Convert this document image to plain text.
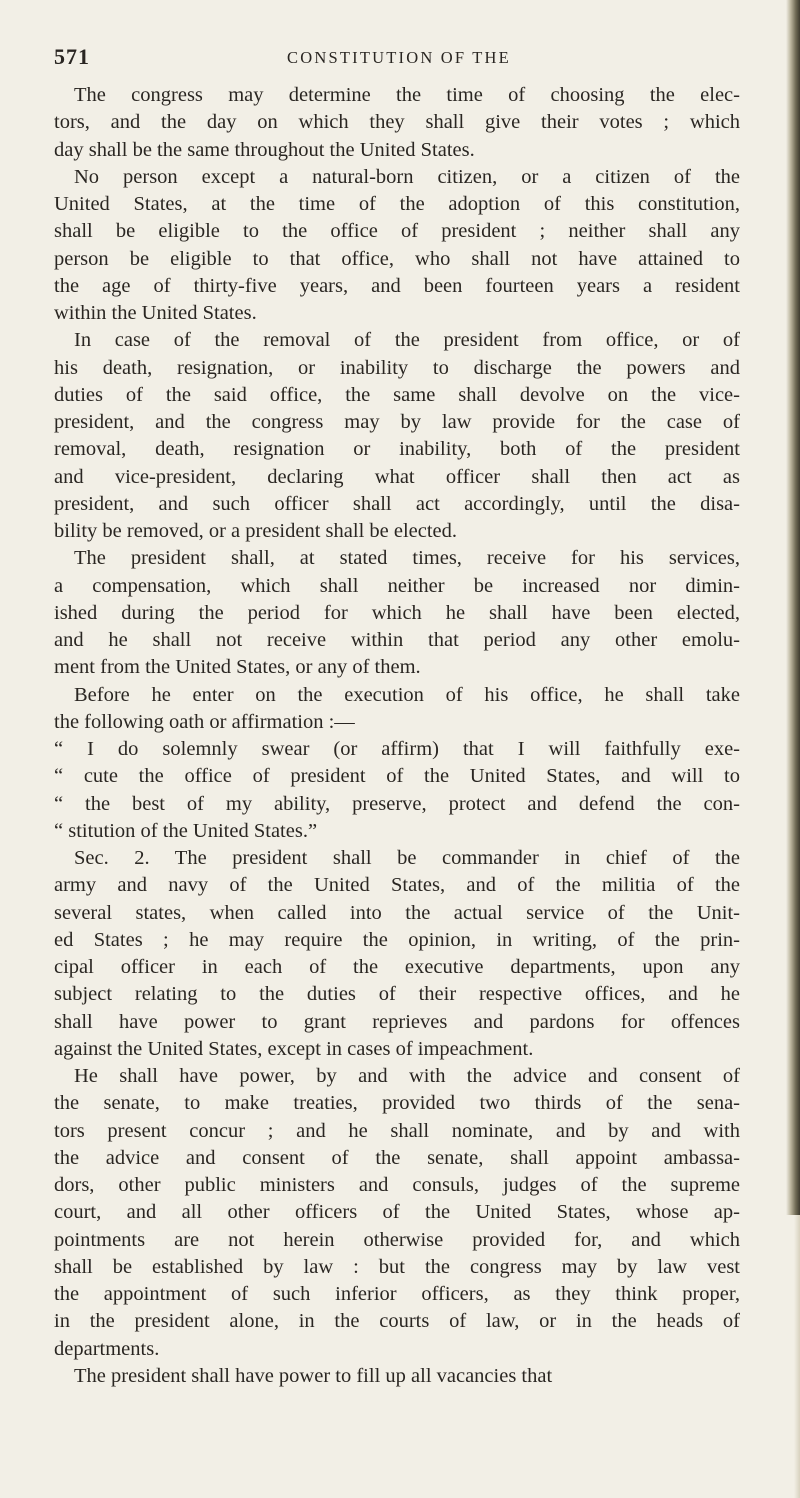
571	CONSTITUTION OF THE
The congress may determine the time of choosing the elec-
tors, and the day on which they shall give their votes ; which
day shall be the same throughout the United States.
No person except a natural-born citizen, or a citizen of the
United States, at the time of the adoption of this constitution,
shall be eligible to the office of president ; neither shall any
person be eligible to that office, who shall not have attained to
the age of thirty-five years, and been fourteen years a resident
within the United States.
In case of the removal of the president from office, or of
his death, resignation, or inability to discharge the powers and
duties of the said office, the same shall devolve on the vice-
president, and the congress may by law provide for the case of
removal, death, resignation or inability, both of the president
and vice-president, declaring what officer shall then act as
president, and such officer shall act accordingly, until the disa-
bility be removed, or a president shall be elected.
The president shall, at stated times, receive for his services,
a compensation, which shall neither be increased nor dimin-
ished during the period for which he shall have been elected,
and he shall not receive within that period any other emolu-
ment from the United States, or any of them.
Before he enter on the execution of his office, he shall take
the following oath or affirmation :—
“ I do solemnly swear (or affirm) that I will faithfully exe-
“ cute the office of president of the United States, and will to
“ the best of my ability, preserve, protect and defend the con-
“ stitution of the United States.”
Sec. 2. The president shall be commander in chief of the
army and navy of the United States, and of the militia of the
several states, when called into the actual service of the Unit-
ed States ; he may require the opinion, in writing, of the prin-
cipal officer in each of the executive departments, upon any
subject relating to the duties of their respective offices, and he
shall have power to grant reprieves and pardons for offences
against the United States, except in cases of impeachment.
He shall have power, by and with the advice and consent of
the senate, to make treaties, provided two thirds of the sena-
tors present concur ; and he shall nominate, and by and with
the advice and consent of the senate, shall appoint ambassa-
dors, other public ministers and consuls, judges of the supreme
court, and all other officers of the United States, whose ap-
pointments are not herein otherwise provided for, and which
shall be established by law : but the congress may by law vest
the appointment of such inferior officers, as they think proper,
in the president alone, in the courts of law, or in the heads of
departments.
The president shall have power to fill up all vacancies that
